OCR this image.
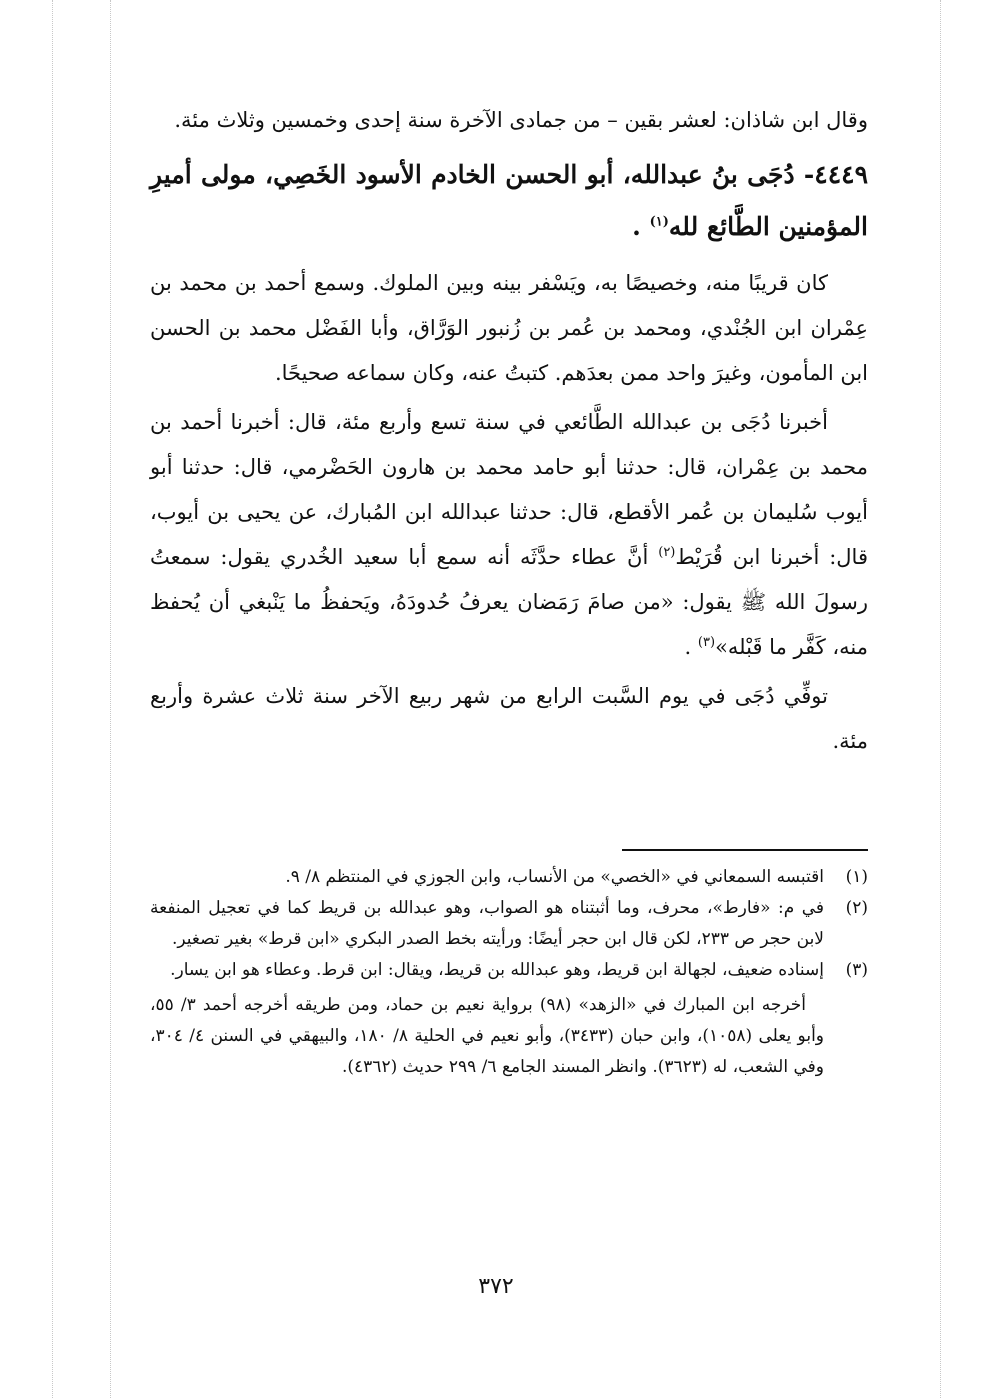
وقال ابن شاذان: لعشر بقين – من جمادى الآخرة سنة إحدى وخمسين وثلاث مئة.

٤٤٤٩- دُجَى بنُ عبدالله، أبو الحسن الخادم الأسود الخَصِي، مولى أميرِ المؤمنين الطَّائع لله$^{(١)}$ .

كان قريبًا منه، وخصيصًا به، ويَسْفر بينه وبين الملوك. وسمع أحمد بن محمد بن عِمْران ابن الجُنْدي، ومحمد بن عُمر بن زُنبور الوَرَّاق، وأبا الفَضْل محمد بن الحسن ابن المأمون، وغيرَ واحد ممن بعدَهم. كتبتُ عنه، وكان سماعه صحيحًا.

أخبرنا دُجَى بن عبدالله الطَّائعي في سنة تسع وأربع مئة، قال: أخبرنا أحمد بن محمد بن عِمْران، قال: حدثنا أبو حامد محمد بن هارون الحَضْرمي، قال: حدثنا أبو أيوب سُليمان بن عُمر الأقطع، قال: حدثنا عبدالله ابن المُبارك، عن يحيى بن أيوب، قال: أخبرنا ابن قُرَيْط$^{(٢)}$ أنَّ عطاء حدَّثَه أنه سمع أبا سعيد الخُدري يقول: سمعتُ رسولَ الله ﷺ يقول: «من صامَ رَمَضان يعرفُ حُدودَهُ، ويَحفظُ ما يَنْبغي أن يُحفظ منه، كَفَّر ما قَبْله»$^{(٣)}$ .

توفِّي دُجَى في يوم السَّبت الرابع من شهر ربيع الآخر سنة ثلاث عشرة وأربع مئة.

(١)
اقتبسه السمعاني في «الخصي» من الأنساب، وابن الجوزي في المنتظم ٨/ ٩.
(٢)
في م: «فارط»، محرف، وما أثبتناه هو الصواب، وهو عبدالله بن قريط كما في تعجيل المنفعة لابن حجر ص ٢٣٣، لكن قال ابن حجر أيضًا: ورأيته بخط الصدر البكري «ابن قرط» بغير تصغير.
(٣)
إسناده ضعيف، لجهالة ابن قريط، وهو عبدالله بن قريط، ويقال: ابن قرط. وعطاء هو ابن يسار.

أخرجه ابن المبارك في «الزهد» (٩٨) برواية نعيم بن حماد، ومن طريقه أخرجه أحمد ٣/ ٥٥، وأبو يعلى (١٠٥٨)، وابن حبان (٣٤٣٣)، وأبو نعيم في الحلية ٨/ ١٨٠، والبيهقي في السنن ٤/ ٣٠٤، وفي الشعب، له (٣٦٢٣). وانظر المسند الجامع ٦/ ٢٩٩ حديث (٤٣٦٢).

٣٧٢
